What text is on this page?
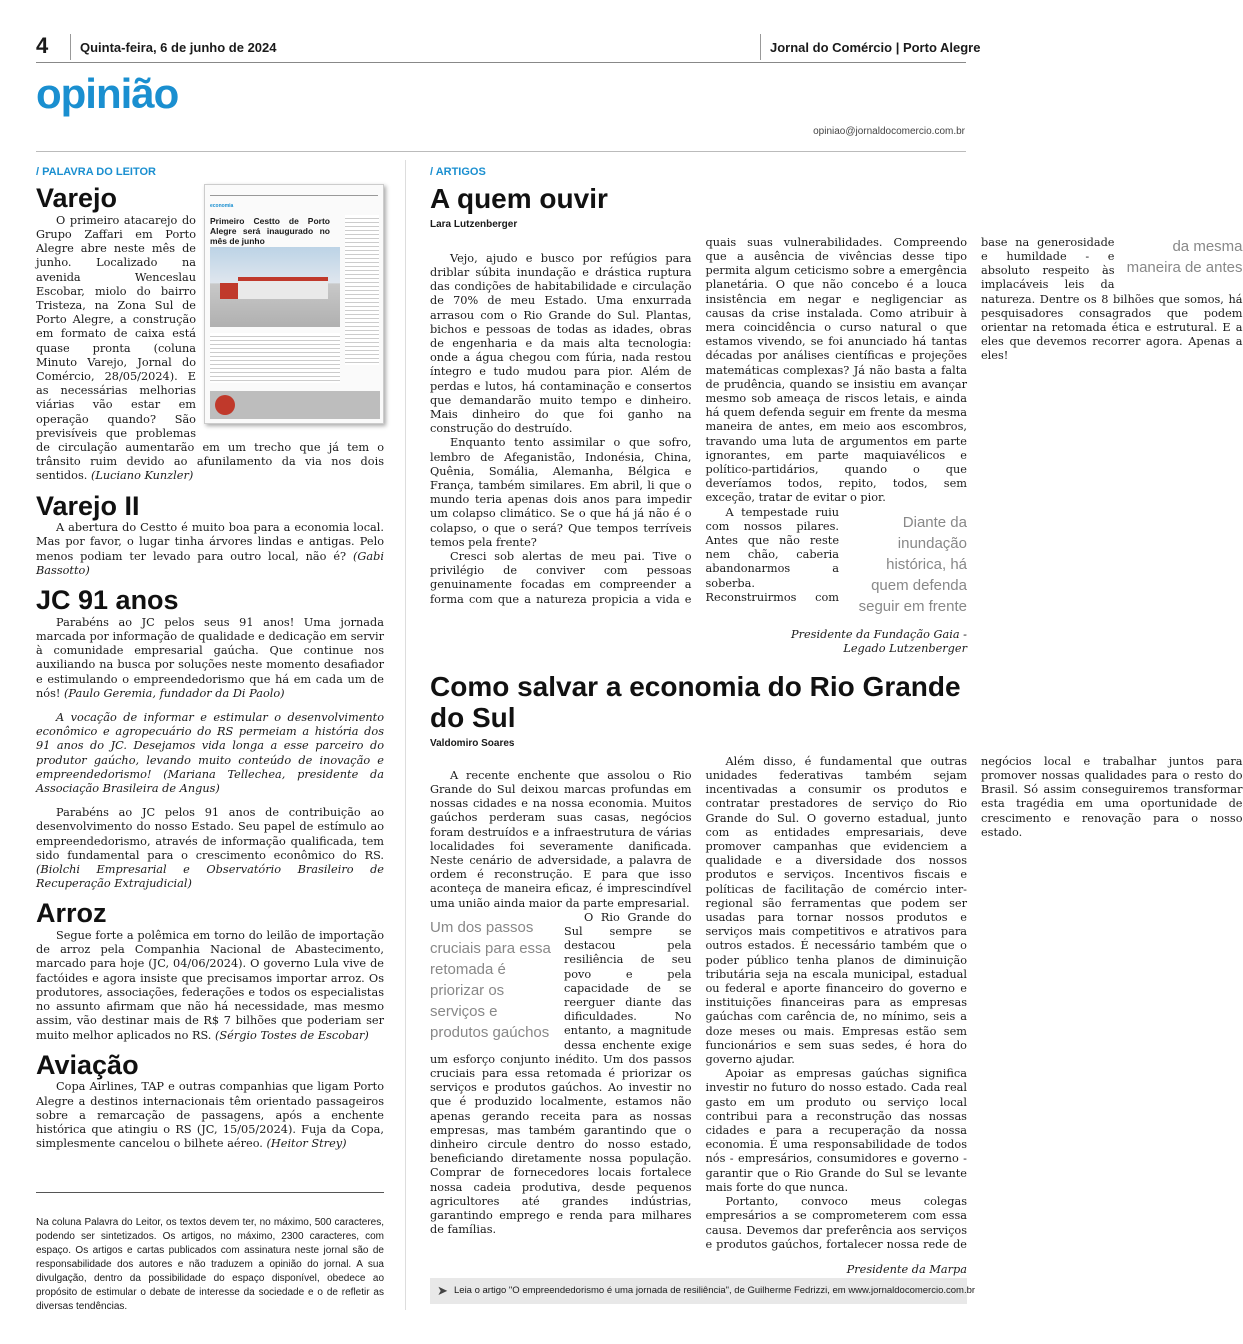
4 Quinta-feira, 6 de junho de 2024	Jornal do Comércio | Porto Alegre
opinião
opiniao@jornaldocomercio.com.br
/ PALAVRA DO LEITOR
economia
Primeiro Cestto de Porto Alegre será inaugurado no mês de junho
Varejo

O primeiro atacarejo do Grupo Zaffari em Porto Alegre abre neste mês de junho. Localizado na avenida Wenceslau Escobar, miolo do bairro Tristeza, na Zona Sul de Porto Alegre, a construção em formato de caixa está quase pronta (coluna Minuto Varejo, Jornal do Comércio, 28/05/2024). E as necessárias melhorias viárias vão estar em operação quando? São previsíveis que problemas de circulação aumentarão em um trecho que já tem o trânsito ruim devido ao afunilamento da via nos dois sentidos. (Luciano Kunzler)

Varejo II

A abertura do Cestto é muito boa para a economia local. Mas por favor, o lugar tinha árvores lindas e antigas. Pelo menos podiam ter levado para outro local, não é? (Gabi Bassotto)

JC 91 anos

Parabéns ao JC pelos seus 91 anos! Uma jornada marcada por informação de qualidade e dedicação em servir à comunidade empresarial gaúcha. Que continue nos auxiliando na busca por soluções neste momento desafiador e estimulando o empreendedorismo que há em cada um de nós! (Paulo Geremia, fundador da Di Paolo)

A vocação de informar e estimular o desenvolvimento econômico e agropecuário do RS permeiam a história dos 91 anos do JC. Desejamos vida longa a esse parceiro do produtor gaúcho, levando muito conteúdo de inovação e empreendedorismo! (Mariana Tellechea, presidente da Associação Brasileira de Angus)

Parabéns ao JC pelos 91 anos de contribuição ao desenvolvimento do nosso Estado. Seu papel de estímulo ao empreendedorismo, através de informação qualificada, tem sido fundamental para o crescimento econômico do RS. (Biolchi Empresarial e Observatório Brasileiro de Recuperação Extrajudicial)

Arroz

Segue forte a polêmica em torno do leilão de importação de arroz pela Companhia Nacional de Abastecimento, marcado para hoje (JC, 04/06/2024). O governo Lula vive de factóides e agora insiste que precisamos importar arroz. Os produtores, associações, federações e todos os especialistas no assunto afirmam que não há necessidade, mas mesmo assim, vão destinar mais de R$ 7 bilhões que poderiam ser muito melhor aplicados no RS. (Sérgio Tostes de Escobar)

Aviação

Copa Airlines, TAP e outras companhias que ligam Porto Alegre a destinos internacionais têm orientado passageiros sobre a remarcação de passagens, após a enchente histórica que atingiu o RS (JC, 15/05/2024). Fuja da Copa, simplesmente cancelou o bilhete aéreo. (Heitor Strey)

Na coluna Palavra do Leitor, os textos devem ter, no máximo, 500 caracteres, podendo ser sintetizados. Os artigos, no máximo, 2300 caracteres, com espaço. Os artigos e cartas publicados com assinatura neste jornal são de responsabilidade dos autores e não traduzem a opinião do jornal. A sua divulgação, dentro da possibilidade do espaço disponível, obedece ao propósito de estimular o debate de interesse da sociedade e o de refletir as diversas tendências.
/ ARTIGOS
A quem ouvir
Lara Lutzenberger

Vejo, ajudo e busco por refúgios para driblar súbita inundação e drástica ruptura das condições de habitabilidade e circulação de 70% de meu Estado. Uma enxurrada arrasou com o Rio Grande do Sul. Plantas, bichos e pessoas de todas as idades, obras de engenharia e da mais alta tecnologia: onde a água chegou com fúria, nada restou íntegro e tudo mudou para pior. Além de perdas e lutos, há contaminação e consertos que demandarão muito tempo e dinheiro. Mais dinheiro do que foi ganho na construção do destruído.

Enquanto tento assimilar o que sofro, lembro de Afeganistão, Indonésia, China, Quênia, Somália, Alemanha, Bélgica e França, também similares. Em abril, li que o mundo teria apenas dois anos para impedir um colapso climático. Se o que há já não é o colapso, o que o será? Que tempos terríveis temos pela frente?

Cresci sob alertas de meu pai. Tive o privilégio de conviver com pessoas genuinamente focadas em compreender a forma com que a natureza propicia a vida e quais suas vulnerabilidades. Compreendo que a ausência de vivências desse tipo permita algum ceticismo sobre a emergência planetária. O que não concebo é a louca insistência em negar e negligenciar as causas da crise instalada. Como atribuir à mera coincidência o curso natural o que estamos vivendo, se foi anunciado há tantas décadas por análises científicas e projeções matemáticas complexas? Já não basta a falta de prudência, quando se insistiu em avançar mesmo sob ameaça de riscos letais, e ainda há quem defenda seguir em frente da mesma maneira de antes, em meio aos escombros, travando uma luta de argumentos em parte ignorantes, em parte maquiavélicos e político-partidários, quando o que deveríamos todos, repito, todos, sem exceção, tratar de evitar o pior.

Diante da inundação histórica, há quem defenda seguir em frente da mesma maneira de antes

A tempestade ruiu com nossos pilares. Antes que não reste nem chão, caberia abandonarmos a soberba. Reconstruirmos com base na generosidade e humildade - e absoluto respeito às implacáveis leis da natureza. Dentre os 8 bilhões que somos, há pesquisadores consagrados que podem orientar na retomada ética e estrutural. E a eles que devemos recorrer agora. Apenas a eles!

Presidente da Fundação Gaia -
Legado Lutzenberger
Como salvar a economia do Rio Grande do Sul
Valdomiro Soares

A recente enchente que assolou o Rio Grande do Sul deixou marcas profundas em nossas cidades e na nossa economia. Muitos gaúchos perderam suas casas, negócios foram destruídos e a infraestrutura de várias localidades foi severamente danificada. Neste cenário de adversidade, a palavra de ordem é reconstrução. E para que isso aconteça de maneira eficaz, é imprescindível uma união ainda maior da parte empresarial.

Um dos passos cruciais para essa retomada é priorizar os serviços e produtos gaúchos

O Rio Grande do Sul sempre se destacou pela resiliência de seu povo e pela capacidade de se reerguer diante das dificuldades. No entanto, a magnitude dessa enchente exige um esforço conjunto inédito. Um dos passos cruciais para essa retomada é priorizar os serviços e produtos gaúchos. Ao investir no que é produzido localmente, estamos não apenas gerando receita para as nossas empresas, mas também garantindo que o dinheiro circule dentro do nosso estado, beneficiando diretamente nossa população. Comprar de fornecedores locais fortalece nossa cadeia produtiva, desde pequenos agricultores até grandes indústrias, garantindo emprego e renda para milhares de famílias.

Além disso, é fundamental que outras unidades federativas também sejam incentivadas a consumir os produtos e contratar prestadores de serviço do Rio Grande do Sul. O governo estadual, junto com as entidades empresariais, deve promover campanhas que evidenciem a qualidade e a diversidade dos nossos produtos e serviços. Incentivos fiscais e políticas de facilitação de comércio inter-regional são ferramentas que podem ser usadas para tornar nossos produtos e serviços mais competitivos e atrativos para outros estados. É necessário também que o poder público tenha planos de diminuição tributária seja na escala municipal, estadual ou federal e aporte financeiro do governo e instituições financeiras para as empresas gaúchas com carência de, no mínimo, seis a doze meses ou mais. Empresas estão sem funcionários e sem suas sedes, é hora do governo ajudar.

Apoiar as empresas gaúchas significa investir no futuro do nosso estado. Cada real gasto em um produto ou serviço local contribui para a reconstrução das nossas cidades e para a recuperação da nossa economia. É uma responsabilidade de todos nós - empresários, consumidores e governo - garantir que o Rio Grande do Sul se levante mais forte do que nunca.

Portanto, convoco meus colegas empresários a se comprometerem com essa causa. Devemos dar preferência aos serviços e produtos gaúchos, fortalecer nossa rede de negócios local e trabalhar juntos para promover nossas qualidades para o resto do Brasil. Só assim conseguiremos transformar esta tragédia em uma oportunidade de crescimento e renovação para o nosso estado.

Presidente da Marpa
➤ Leia o artigo "O empreendedorismo é uma jornada de resiliência", de Guilherme Fedrizzi, em www.jornaldocomercio.com.br
